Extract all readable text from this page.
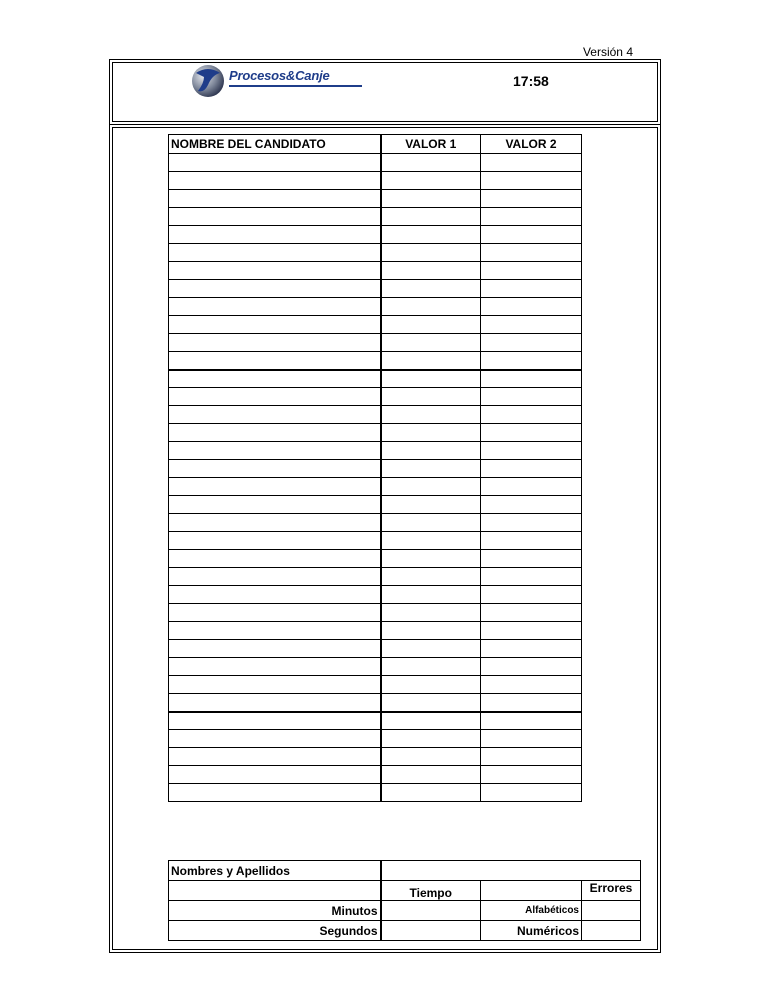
Versión 4
Procesos&Canje	17:58
NOMBRE DEL CANDIDATO	VALOR 1	VALOR 2

Nombres y Apellidos			
	Tiempo		Errores
Minutos		Alfabéticos	
Segundos		Numéricos	
